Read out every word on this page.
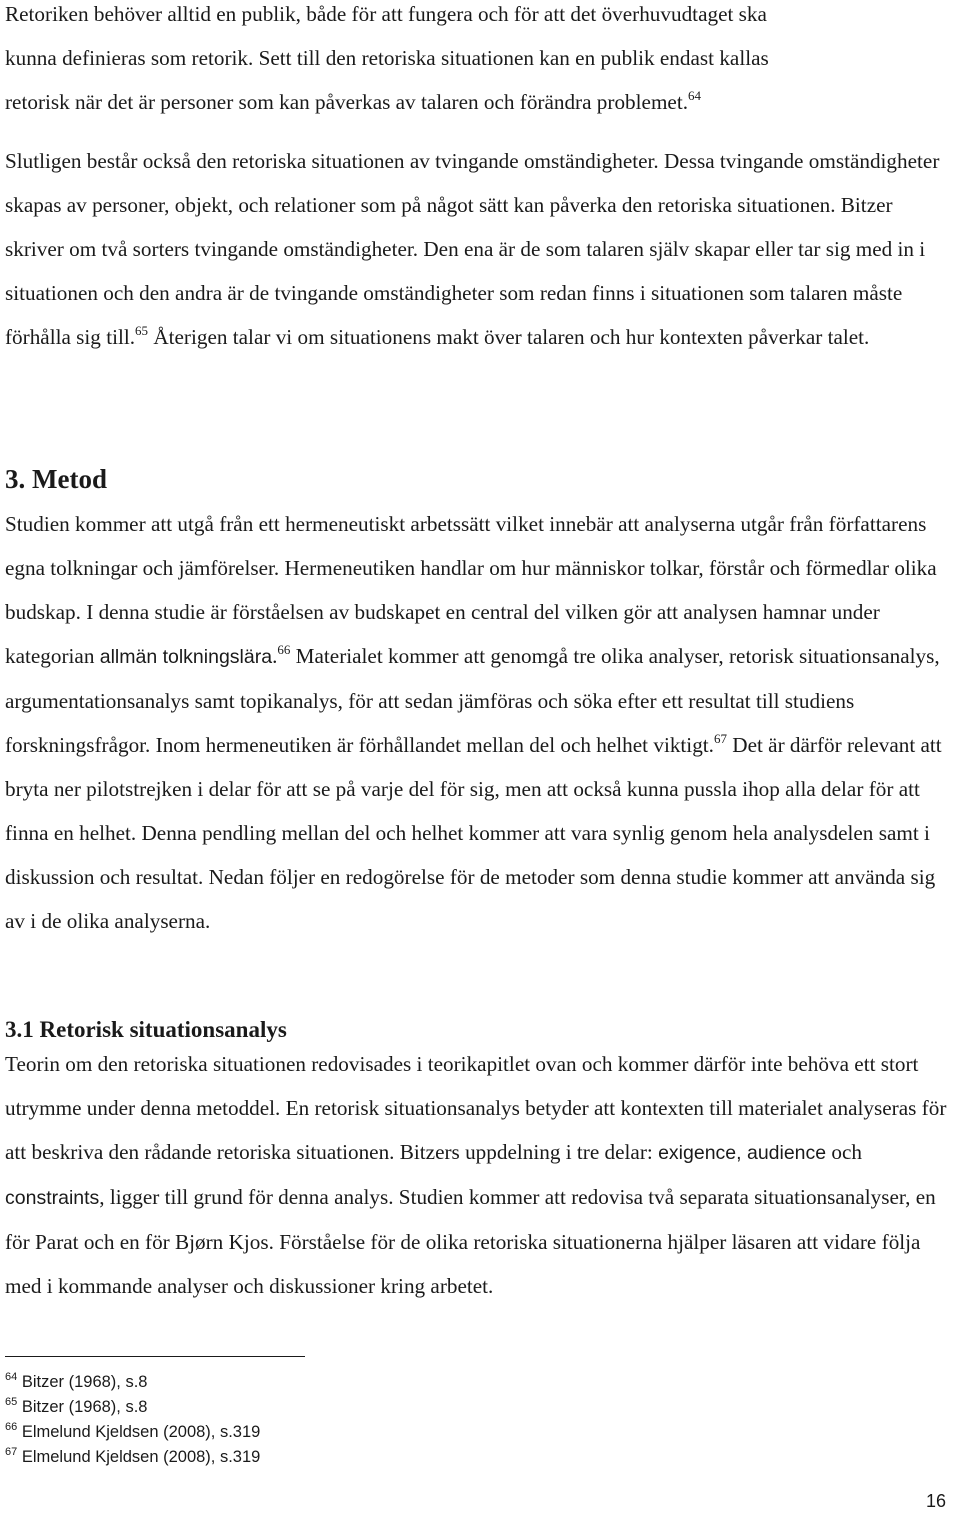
Retoriken behöver alltid en publik, både för att fungera och för att det överhuvudtaget ska
kunna definieras som retorik. Sett till den retoriska situationen kan en publik endast kallas
retorisk när det är personer som kan påverkas av talaren och förändra problemet.$^{64}$

Slutligen består också den retoriska situationen av tvingande omständigheter. Dessa tvingande omständigheter skapas av personer, objekt, och relationer som på något sätt kan påverka den retoriska situationen. Bitzer skriver om två sorters tvingande omständigheter. Den ena är de som talaren själv skapar eller tar sig med in i situationen och den andra är de tvingande omständigheter som redan finns i situationen som talaren måste förhålla sig till.$^{65}$ Återigen talar vi om situationens makt över talaren och hur kontexten påverkar talet.

3. Metod

Studien kommer att utgå från ett hermeneutiskt arbetssätt vilket innebär att analyserna utgår från författarens egna tolkningar och jämförelser. Hermeneutiken handlar om hur människor tolkar, förstår och förmedlar olika budskap. I denna studie är förståelsen av budskapet en central del vilken gör att analysen hamnar under kategorian allmän tolkningslära.$^{66}$ Materialet kommer att genomgå tre olika analyser, retorisk situationsanalys, argumentationsanalys samt topikanalys, för att sedan jämföras och söka efter ett resultat till studiens forskningsfrågor. Inom hermeneutiken är förhållandet mellan del och helhet viktigt.$^{67}$ Det är därför relevant att bryta ner pilotstrejken i delar för att se på varje del för sig, men att också kunna pussla ihop alla delar för att finna en helhet. Denna pendling mellan del och helhet kommer att vara synlig genom hela analysdelen samt i diskussion och resultat. Nedan följer en redogörelse för de metoder som denna studie kommer att använda sig av i de olika analyserna.

3.1 Retorisk situationsanalys

Teorin om den retoriska situationen redovisades i teorikapitlet ovan och kommer därför inte behöva ett stort utrymme under denna metoddel. En retorisk situationsanalys betyder att kontexten till materialet analyseras för att beskriva den rådande retoriska situationen. Bitzers uppdelning i tre delar: exigence, audience och constraints, ligger till grund för denna analys. Studien kommer att redovisa två separata situationsanalyser, en för Parat och en för Bjørn Kjos. Förståelse för de olika retoriska situationerna hjälper läsaren att vidare följa med i kommande analyser och diskussioner kring arbetet.

$^{64}$ Bitzer (1968), s.8
$^{65}$ Bitzer (1968), s.8
$^{66}$ Elmelund Kjeldsen (2008), s.319
$^{67}$ Elmelund Kjeldsen (2008), s.319
16
